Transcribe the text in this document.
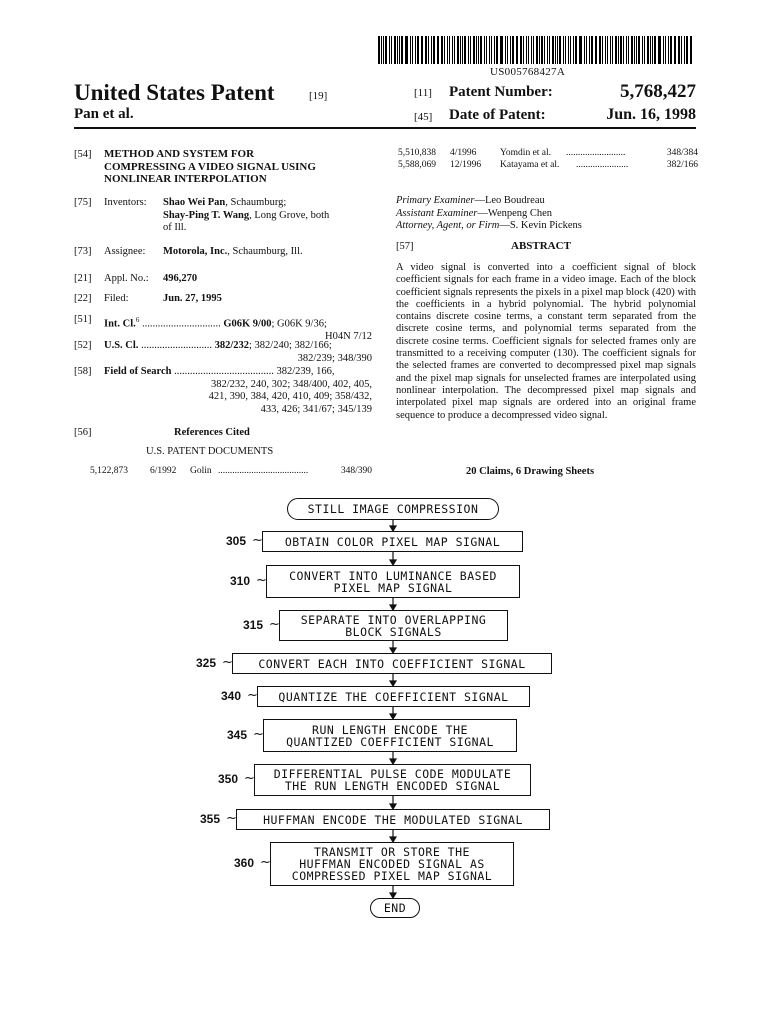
US005768427A
United States Patent	[19]
Pan et al.
[11] Patent Number:	5,768,427
[45] Date of Patent:	Jun. 16, 1998
[54] METHOD AND SYSTEM FOR
COMPRESSING A VIDEO SIGNAL USING
NONLINEAR INTERPOLATION
[75] Inventors: Shao Wei Pan, Schaumburg;
Shay-Ping T. Wang, Long Grove, both
of Ill.
[73] Assignee: Motorola, Inc., Schaumburg, Ill.
[21] Appl. No.: 496,270
[22] Filed:	Jun. 27, 1995
[51] Int. Cl.$^6$ .............................. G06K 9/00; G06K 9/36;
H04N 7/12
[52] U.S. Cl. ........................... 382/232; 382/240; 382/166;
382/239; 348/390
[58] Field of Search ...................................... 382/239, 166,
382/232, 240, 302; 348/400, 402, 405,
421, 390, 384, 420, 410, 409; 358/432,
433, 426; 341/67; 345/139
[56]	References Cited
U.S. PATENT DOCUMENTS
5,122,873	6/1992	Golin ......................................	348/390
5,510,838	4/1996	Yomdin et al.	.........................	348/384
5,588,069	12/1996	Katayama et al.	......................	382/166
Primary Examiner—Leo Boudreau
Assistant Examiner—Wenpeng Chen
Attorney, Agent, or Firm—S. Kevin Pickens
[57]	ABSTRACT
A video signal is converted into a coefficient signal of block coefficient signals for each frame in a video image. Each of the block coefficient signals represents the pixels in a pixel map block (420) with the coefficients in a hybrid polynomial. The hybrid polynomial contains discrete cosine terms, a constant term separated from the discrete cosine terms, and polynomial terms separated from the discrete cosine terms. Coefficient signals for selected frames only are transmitted to a receiving computer (130). The coefficient signals for the selected frames are converted to decompressed pixel map signals and the pixel map signals for unselected frames are interpolated using nonlinear interpolation. The decompressed pixel map signals and interpolated pixel map signals are ordered into an original frame sequence to produce a decompressed video signal.
20 Claims, 6 Drawing Sheets
STILL IMAGE COMPRESSION
OBTAIN COLOR PIXEL MAP SIGNAL
305 ~
CONVERT INTO LUMINANCE BASED
PIXEL MAP SIGNAL
310 ~
SEPARATE INTO OVERLAPPING
BLOCK SIGNALS
315 ~
CONVERT EACH INTO COEFFICIENT SIGNAL
325 ~
QUANTIZE THE COEFFICIENT SIGNAL
340 ~
RUN LENGTH ENCODE THE
QUANTIZED COEFFICIENT SIGNAL
345 ~
DIFFERENTIAL PULSE CODE MODULATE
THE RUN LENGTH ENCODED SIGNAL
350 ~
HUFFMAN ENCODE THE MODULATED SIGNAL
355 ~
TRANSMIT OR STORE THE
HUFFMAN ENCODED SIGNAL AS
COMPRESSED PIXEL MAP SIGNAL
360 ~
END
